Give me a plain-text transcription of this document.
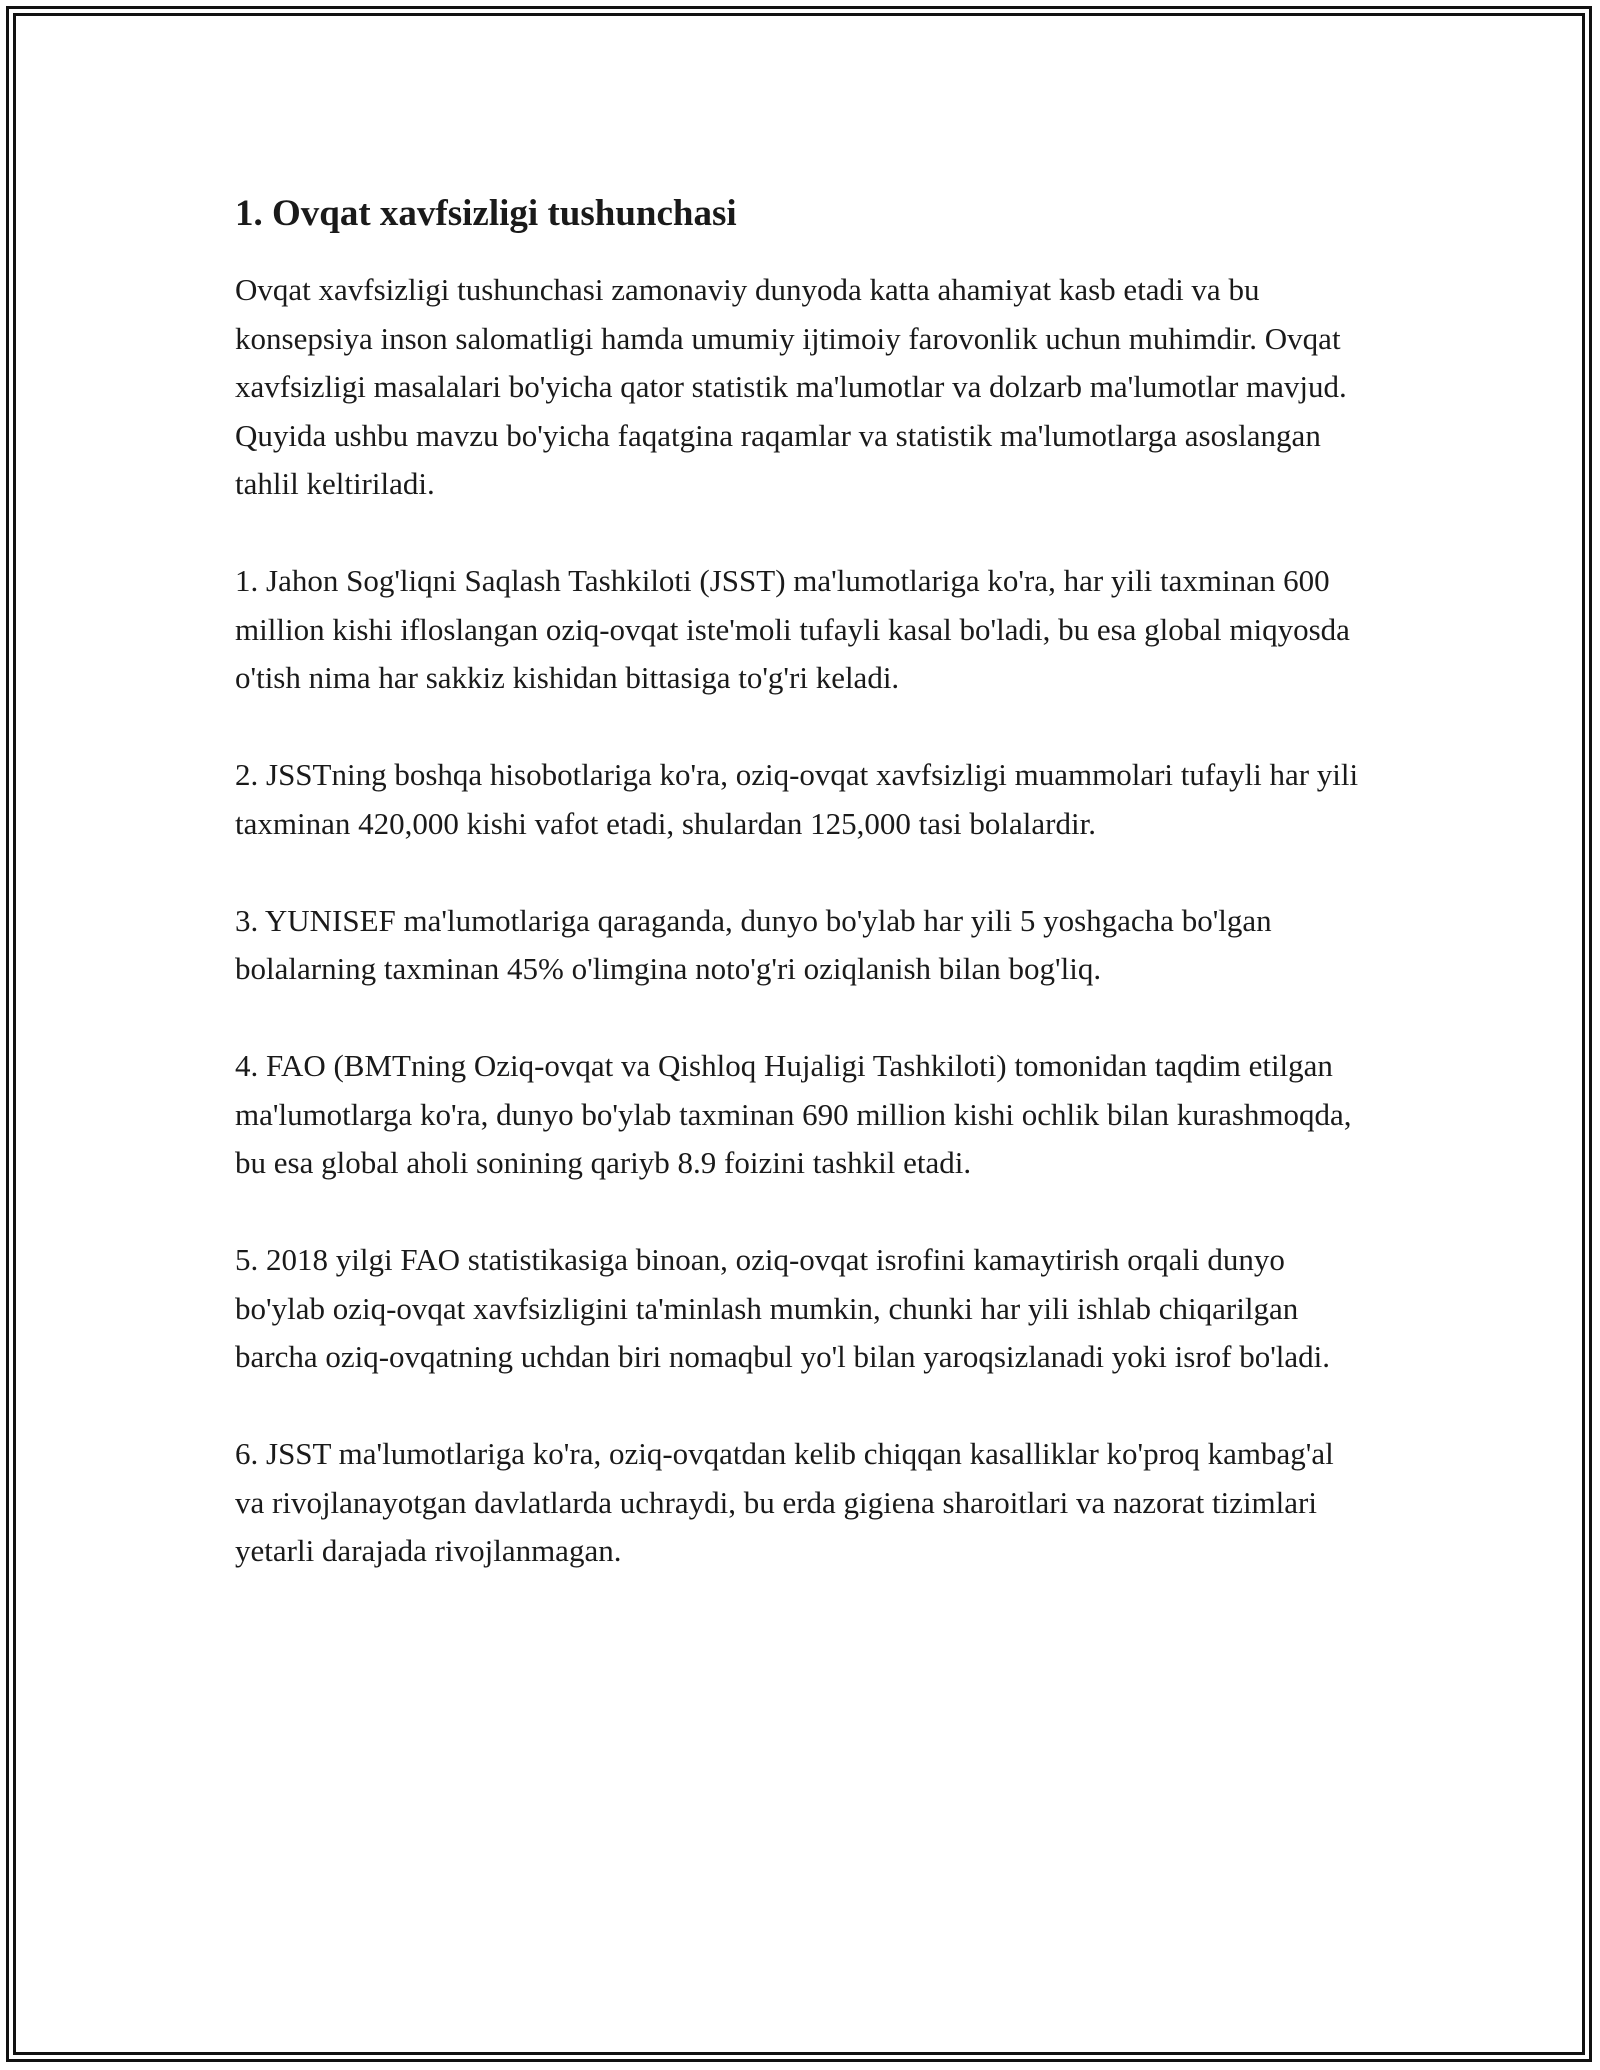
1. Ovqat xavfsizligi tushunchasi

Ovqat xavfsizligi tushunchasi zamonaviy dunyoda katta ahamiyat kasb etadi va bu konsepsiya inson salomatligi hamda umumiy ijtimoiy farovonlik uchun muhimdir. Ovqat xavfsizligi masalalari bo'yicha qator statistik ma'lumotlar va dolzarb ma'lumotlar mavjud. Quyida ushbu mavzu bo'yicha faqatgina raqamlar va statistik ma'lumotlarga asoslangan tahlil keltiriladi.

1. Jahon Sog'liqni Saqlash Tashkiloti (JSST) ma'lumotlariga ko'ra, har yili taxminan 600 million kishi ifloslangan oziq-ovqat iste'moli tufayli kasal bo'ladi, bu esa global miqyosda o'tish nima har sakkiz kishidan bittasiga to'g'ri keladi.

2. JSSTning boshqa hisobotlariga ko'ra, oziq-ovqat xavfsizligi muammolari tufayli har yili taxminan 420,000 kishi vafot etadi, shulardan 125,000 tasi bolalardir.

3. YUNISEF ma'lumotlariga qaraganda, dunyo bo'ylab har yili 5 yoshgacha bo'lgan bolalarning taxminan 45% o'limgina noto'g'ri oziqlanish bilan bog'liq.

4. FAO (BMTning Oziq-ovqat va Qishloq Hujaligi Tashkiloti) tomonidan taqdim etilgan ma'lumotlarga ko'ra, dunyo bo'ylab taxminan 690 million kishi ochlik bilan kurashmoqda, bu esa global aholi sonining qariyb 8.9 foizini tashkil etadi.

5. 2018 yilgi FAO statistikasiga binoan, oziq-ovqat isrofini kamaytirish orqali dunyo bo'ylab oziq-ovqat xavfsizligini ta'minlash mumkin, chunki har yili ishlab chiqarilgan barcha oziq-ovqatning uchdan biri nomaqbul yo'l bilan yaroqsizlanadi yoki isrof bo'ladi.

6. JSST ma'lumotlariga ko'ra, oziq-ovqatdan kelib chiqqan kasalliklar ko'proq kambag'al va rivojlanayotgan davlatlarda uchraydi, bu erda gigiena sharoitlari va nazorat tizimlari yetarli darajada rivojlanmagan.
